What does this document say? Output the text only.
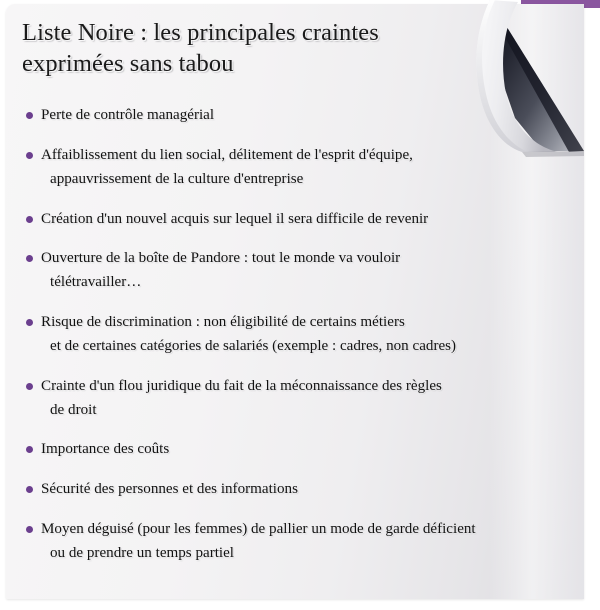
Liste Noire : les principales craintes exprimées sans tabou
Perte de contrôle managérial
Affaiblissement du lien social, délitement de l'esprit d'équipe,
appauvrissement de la culture d'entreprise
Création d'un nouvel acquis sur lequel il sera difficile de revenir
Ouverture de la boîte de Pandore : tout le monde va vouloir
télétravailler…
Risque de discrimination : non éligibilité de certains métiers
et de certaines catégories de salariés (exemple : cadres, non cadres)
Crainte d'un flou juridique du fait de la méconnaissance des règles
de droit
Importance des coûts
Sécurité des personnes et des informations
Moyen déguisé (pour les femmes) de pallier un mode de garde déficient
ou de prendre un temps partiel
